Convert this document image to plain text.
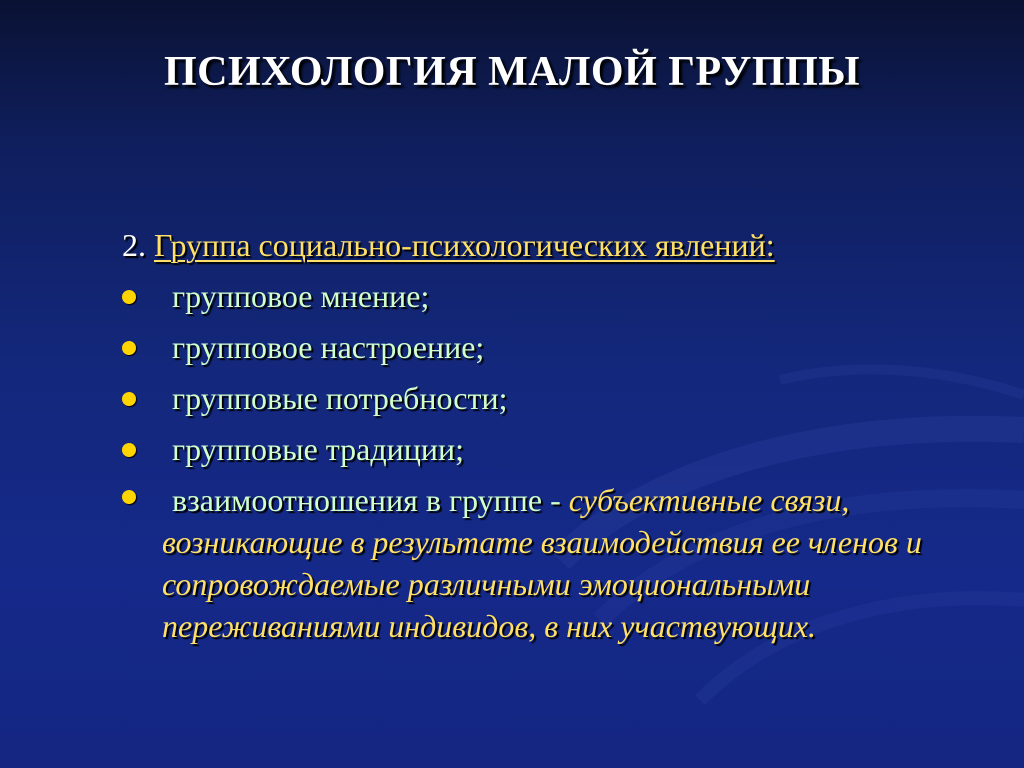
ПСИХОЛОГИЯ МАЛОЙ ГРУППЫ
2. Группа социально-психологических явлений:
групповое мнение;
групповое настроение;
групповые потребности;
групповые традиции;
взаимоотношения в группе - субъективные связи,
возникающие в результате взаимодействия ее членов и
сопровождаемые различными эмоциональными
переживаниями индивидов, в них участвующих.
